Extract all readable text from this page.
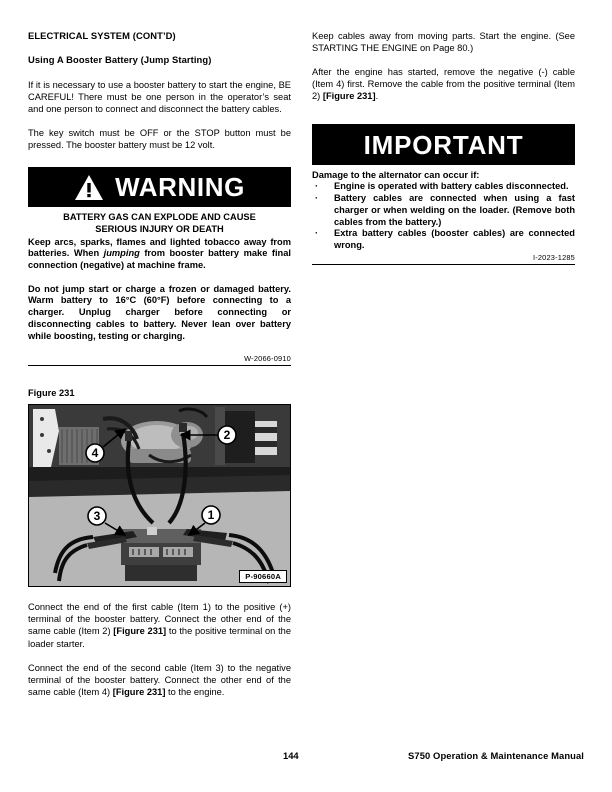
ELECTRICAL SYSTEM (CONT’D)
Using A Booster Battery (Jump Starting)

If it is necessary to use a booster battery to start the engine, BE CAREFUL! There must be one person in the operator’s seat and one person to connect and disconnect the battery cables.

The key switch must be OFF or the STOP button must be pressed. The booster battery must be 12 volt.

WARNING
BATTERY GAS CAN EXPLODE AND CAUSE
SERIOUS INJURY OR DEATH

Keep arcs, sparks, flames and lighted tobacco away from batteries. When jumping from booster battery make final connection (negative) at machine frame.

Do not jump start or charge a frozen or damaged battery. Warm battery to 16°C (60°F) before connecting to a charger. Unplug charger before connecting or disconnecting cables to battery. Never lean over battery while boosting, testing or charging.

W-2066-0910
Figure 231
4
2
3	1
P-90660A

Connect the end of the first cable (Item 1) to the positive (+) terminal of the booster battery. Connect the other end of the same cable (Item 2) [Figure 231] to the positive terminal on the loader starter.

Connect the end of the second cable (Item 3) to the negative terminal of the booster battery. Connect the other end of the same cable (Item 4) [Figure 231] to the engine.

Keep cables away from moving parts. Start the engine. (See STARTING THE ENGINE on Page 80.)

After the engine has started, remove the negative (-) cable (Item 4) first. Remove the cable from the positive terminal (Item 2) [Figure 231].

IMPORTANT
Damage to the alternator can occur if:
· Engine is operated with battery cables disconnected.
· Battery cables are connected when using a fast charger or when welding on the loader. (Remove both cables from the battery.)
· Extra battery cables (booster cables) are connected wrong.
I-2023-1285
144	S750 Operation & Maintenance Manual
